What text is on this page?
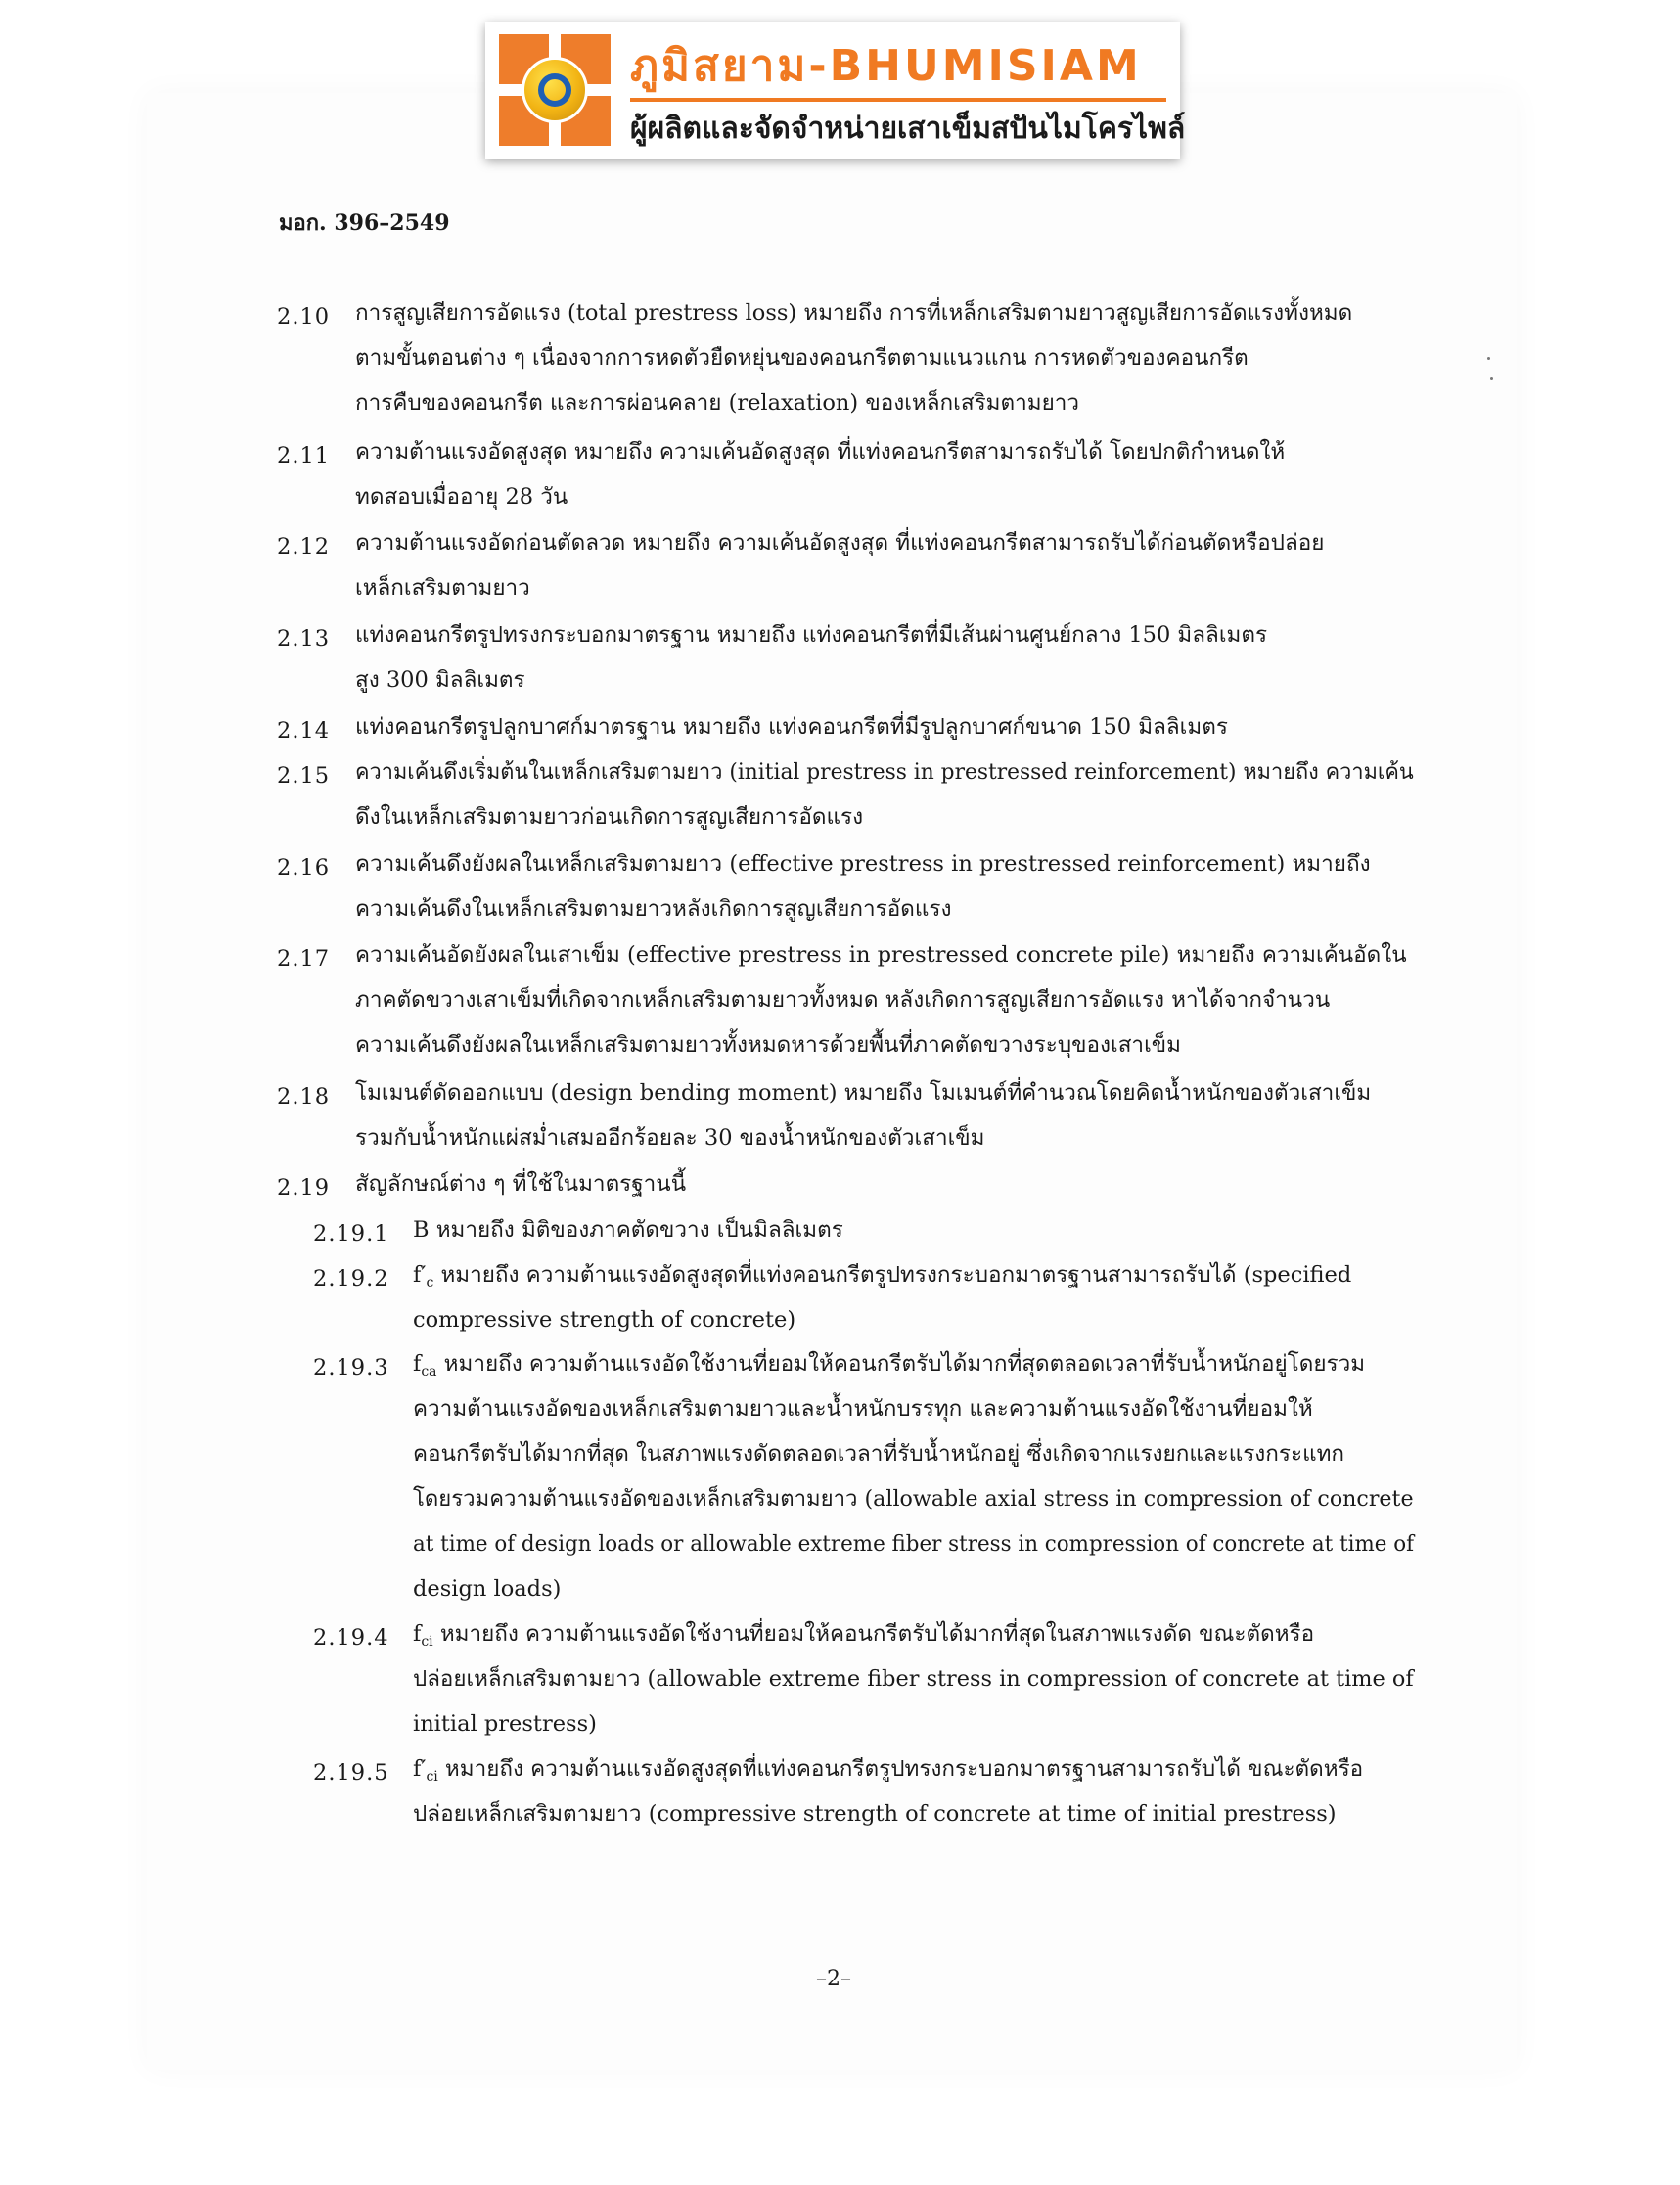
ภูมิสยาม-BHUMISIAM
ผู้ผลิตและจัดจำหน่ายเสาเข็มสปันไมโครไพล์
มอก. 396–2549
2.10 การสูญเสียการอัดแรง (total prestress loss) หมายถึง การที่เหล็กเสริมตามยาวสูญเสียการอัดแรงทั้งหมด
ตามขั้นตอนต่าง ๆ เนื่องจากการหดตัวยืดหยุ่นของคอนกรีตตามแนวแกน การหดตัวของคอนกรีต
การคืบของคอนกรีต และการผ่อนคลาย (relaxation) ของเหล็กเสริมตามยาว
2.11 ความต้านแรงอัดสูงสุด หมายถึง ความเค้นอัดสูงสุด ที่แท่งคอนกรีตสามารถรับได้ โดยปกติกำหนดให้
ทดสอบเมื่ออายุ 28 วัน
2.12 ความต้านแรงอัดก่อนตัดลวด หมายถึง ความเค้นอัดสูงสุด ที่แท่งคอนกรีตสามารถรับได้ก่อนตัดหรือปล่อย
เหล็กเสริมตามยาว
2.13 แท่งคอนกรีตรูปทรงกระบอกมาตรฐาน หมายถึง แท่งคอนกรีตที่มีเส้นผ่านศูนย์กลาง 150 มิลลิเมตร
สูง 300 มิลลิเมตร
2.14 แท่งคอนกรีตรูปลูกบาศก์มาตรฐาน หมายถึง แท่งคอนกรีตที่มีรูปลูกบาศก์ขนาด 150 มิลลิเมตร
2.15 ความเค้นดึงเริ่มต้นในเหล็กเสริมตามยาว (initial prestress in prestressed reinforcement) หมายถึง ความเค้น
ดึงในเหล็กเสริมตามยาวก่อนเกิดการสูญเสียการอัดแรง
2.16 ความเค้นดึงยังผลในเหล็กเสริมตามยาว (effective prestress in prestressed reinforcement) หมายถึง
ความเค้นดึงในเหล็กเสริมตามยาวหลังเกิดการสูญเสียการอัดแรง
2.17 ความเค้นอัดยังผลในเสาเข็ม (effective prestress in prestressed concrete pile) หมายถึง ความเค้นอัดใน
ภาคตัดขวางเสาเข็มที่เกิดจากเหล็กเสริมตามยาวทั้งหมด หลังเกิดการสูญเสียการอัดแรง หาได้จากจำนวน
ความเค้นดึงยังผลในเหล็กเสริมตามยาวทั้งหมดหารด้วยพื้นที่ภาคตัดขวางระบุของเสาเข็ม
2.18 โมเมนต์ดัดออกแบบ (design bending moment) หมายถึง โมเมนต์ที่คำนวณโดยคิดน้ำหนักของตัวเสาเข็ม
รวมกับน้ำหนักแผ่สม่ำเสมออีกร้อยละ 30 ของน้ำหนักของตัวเสาเข็ม
2.19 สัญลักษณ์ต่าง ๆ ที่ใช้ในมาตรฐานนี้
2.19.1 B หมายถึง มิติของภาคตัดขวาง เป็นมิลลิเมตร
2.19.2 $f'_c$ หมายถึง ความต้านแรงอัดสูงสุดที่แท่งคอนกรีตรูปทรงกระบอกมาตรฐานสามารถรับได้ (specified
compressive strength of concrete)
2.19.3 $f_{ca}$ หมายถึง ความต้านแรงอัดใช้งานที่ยอมให้คอนกรีตรับได้มากที่สุดตลอดเวลาที่รับน้ำหนักอยู่โดยรวม
ความต้านแรงอัดของเหล็กเสริมตามยาวและน้ำหนักบรรทุก และความต้านแรงอัดใช้งานที่ยอมให้
คอนกรีตรับได้มากที่สุด ในสภาพแรงดัดตลอดเวลาที่รับน้ำหนักอยู่ ซึ่งเกิดจากแรงยกและแรงกระแทก
โดยรวมความต้านแรงอัดของเหล็กเสริมตามยาว (allowable axial stress in compression of concrete
at time of design loads or allowable extreme fiber stress in compression of concrete at time of
design loads)
2.19.4 $f_{ci}$ หมายถึง ความต้านแรงอัดใช้งานที่ยอมให้คอนกรีตรับได้มากที่สุดในสภาพแรงดัด ขณะตัดหรือ
ปล่อยเหล็กเสริมตามยาว (allowable extreme fiber stress in compression of concrete at time of
initial prestress)
2.19.5 $f'_{ci}$ หมายถึง ความต้านแรงอัดสูงสุดที่แท่งคอนกรีตรูปทรงกระบอกมาตรฐานสามารถรับได้ ขณะตัดหรือ
ปล่อยเหล็กเสริมตามยาว (compressive strength of concrete at time of initial prestress)
–2–
